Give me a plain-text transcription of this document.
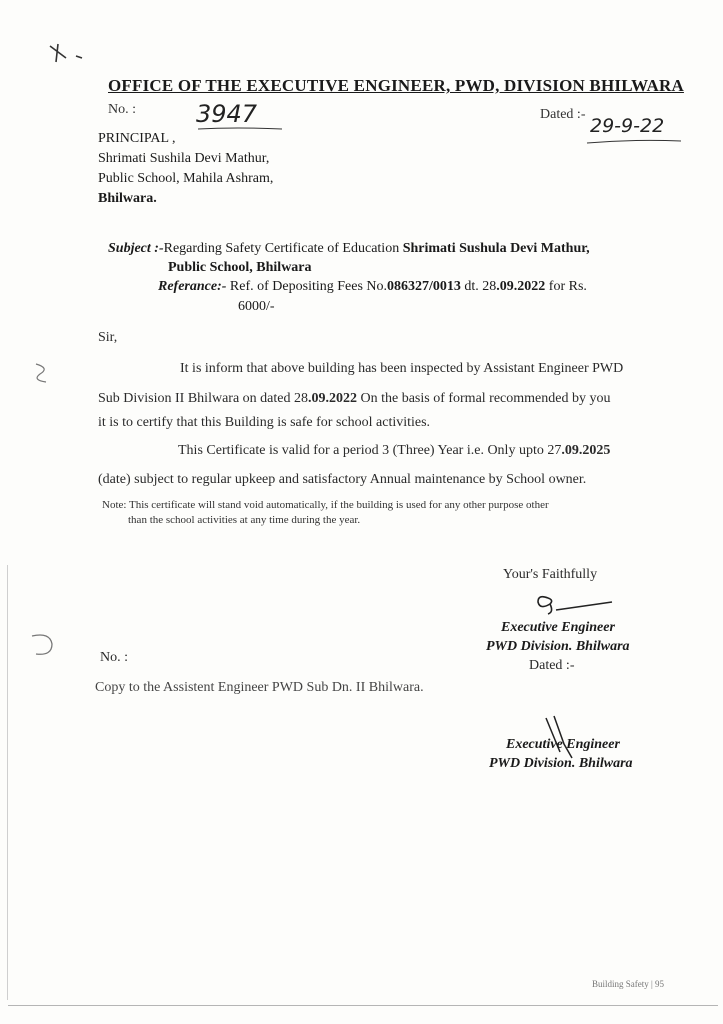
OFFICE OF THE EXECUTIVE ENGINEER, PWD, DIVISION BHILWARA
No. :	3947	Dated :-
29-9-22
PRINCIPAL ,
Shrimati Sushila Devi Mathur,
Public School, Mahila Ashram,
Bhilwara.
Subject :-Regarding Safety Certificate of Education Shrimati Sushula Devi Mathur,
Public School, Bhilwara
Referance:- Ref. of Depositing Fees No.086327/0013 dt. 28.09.2022 for Rs.
6000/-
Sir,
It is inform that above building has been inspected by Assistant Engineer PWD
Sub Division II Bhilwara on dated 28.09.2022 On the basis of formal recommended by you
it is to certify that this Building is safe for school activities.
This Certificate is valid for a period 3 (Three) Year i.e. Only upto 27.09.2025
(date) subject to regular upkeep and satisfactory Annual maintenance by School owner.
Note: This certificate will stand void automatically, if the building is used for any other purpose other
than the school activities at any time during the year.
Your's Faithfully
Executive Engineer
PWD Division. Bhilwara
Dated :-
No. :
Copy to the Assistent Engineer PWD Sub Dn. II Bhilwara.
Executive Engineer
PWD Division. Bhilwara
Building Safety | 95
